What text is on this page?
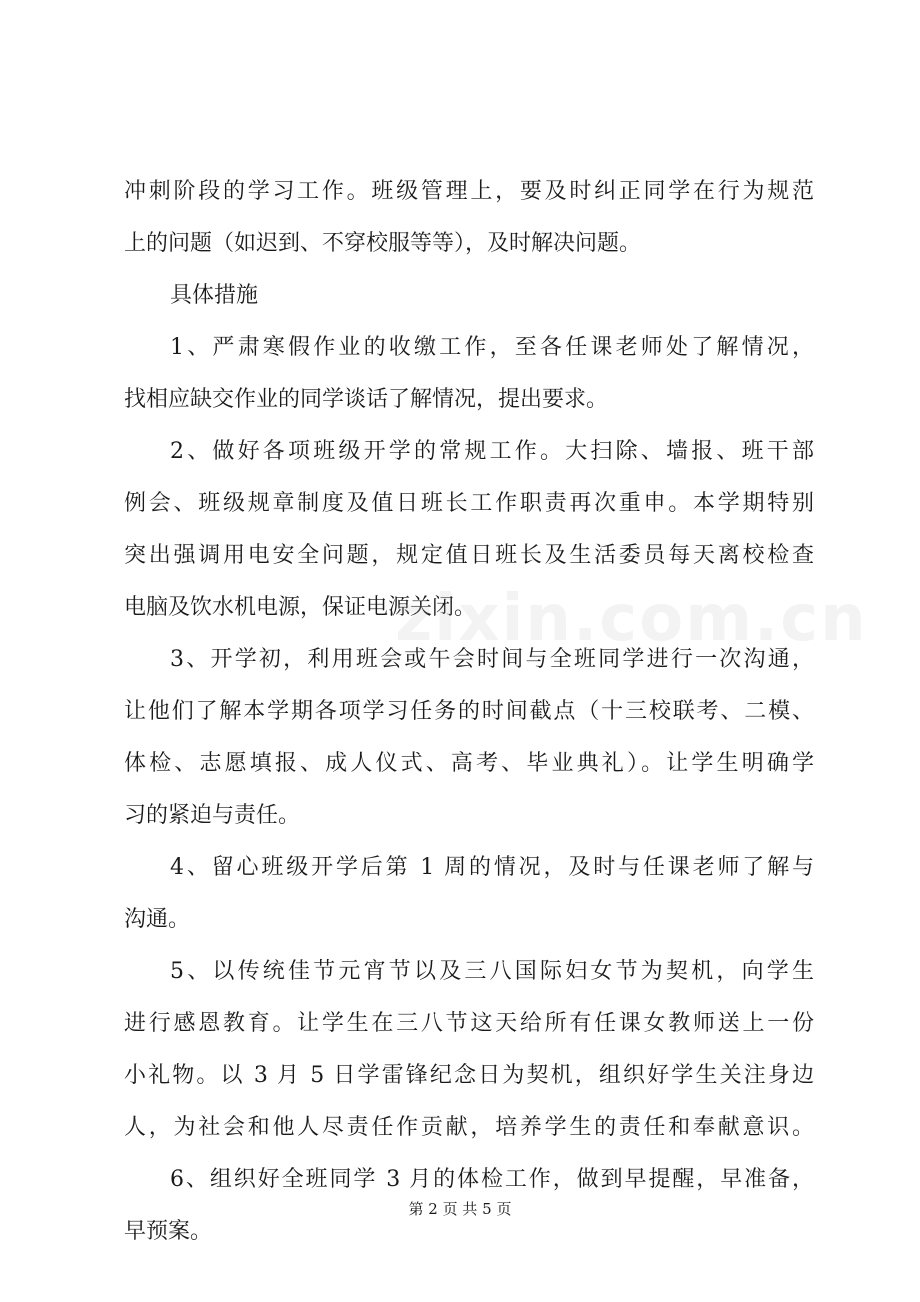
冲刺阶段的学习工作。班级管理上，要及时纠正同学在行为规范
上的问题（如迟到、不穿校服等等），及时解决问题。
具体措施
1、严肃寒假作业的收缴工作，至各任课老师处了解情况，
找相应缺交作业的同学谈话了解情况，提出要求。
2、做好各项班级开学的常规工作。大扫除、墙报、班干部
例会、班级规章制度及值日班长工作职责再次重申。本学期特别
突出强调用电安全问题，规定值日班长及生活委员每天离校检查
电脑及饮水机电源，保证电源关闭。
3、开学初，利用班会或午会时间与全班同学进行一次沟通，
让他们了解本学期各项学习任务的时间截点（十三校联考、二模、
体检、志愿填报、成人仪式、高考、毕业典礼）。让学生明确学
习的紧迫与责任。
4、留心班级开学后第 1 周的情况，及时与任课老师了解与
沟通。
5、以传统佳节元宵节以及三八国际妇女节为契机，向学生
进行感恩教育。让学生在三八节这天给所有任课女教师送上一份
小礼物。以 3 月 5 日学雷锋纪念日为契机，组织好学生关注身边
人，为社会和他人尽责任作贡献，培养学生的责任和奉献意识。
6、组织好全班同学 3 月的体检工作，做到早提醒，早准备，
早预案。
zixin.com.cn
第 2 页 共 5 页
